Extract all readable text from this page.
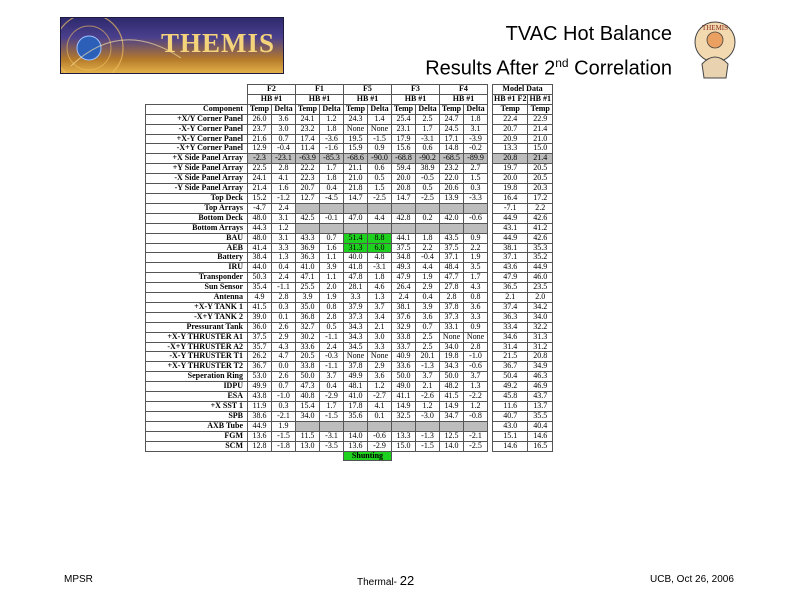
THEMIS	TVAC Hot Balance
Results After 2nd Correlation
THEMIS
	F2		F1		F5		F3		F4			Model Data	
	HB #1		HB #1		HB #1		HB #1		HB #1			HB #1 F2	HB #1
Component	Temp	Delta	Temp	Delta	Temp	Delta	Temp	Delta	Temp	Delta		Temp	Temp
+X/Y Corner Panel	26.0	3.6	24.1	1.2	24.3	1.4	25.4	2.5	24.7	1.8		22.4	22.9
-X-Y Corner Panel	23.7	3.0	23.2	1.8	None	None	23.1	1.7	24.5	3.1		20.7	21.4
+X-Y Corner Panel	21.6	0.7	17.4	-3.6	19.5	-1.5	17.9	-3.1	17.1	-3.9		20.9	21.0
-X+Y Corner Panel	12.9	-0.4	11.4	-1.6	15.9	0.9	15.6	0.6	14.8	-0.2		13.3	15.0
+X Side Panel Array	-2.3	-23.1	-63.9	-85.3	-68.6	-90.0	-68.8	-90.2	-68.5	-89.9		20.8	21.4
+Y Side Panel Array	22.5	2.8	22.2	1.7	21.1	0.6	59.4	38.9	23.2	2.7		19.7	20.5
-X Side Panel Array	24.1	4.1	22.3	1.8	21.0	0.5	20.0	-0.5	22.0	1.5		20.0	20.5
-Y Side Panel Array	21.4	1.6	20.7	0.4	21.8	1.5	20.8	0.5	20.6	0.3		19.8	20.3
Top Deck	15.2	-1.2	12.7	-4.5	14.7	-2.5	14.7	-2.5	13.9	-3.3		16.4	17.2
Top Arrays	-4.7	2.4										-7.1	2.2
Bottom Deck	48.0	3.1	42.5	-0.1	47.0	4.4	42.8	0.2	42.0	-0.6		44.9	42.6
Bottom Arrays	44.3	1.2										43.1	41.2
BAU	48.0	3.1	43.3	0.7	51.4	8.8	44.1	1.8	43.5	0.9		44.9	42.6
AEB	41.4	3.3	36.9	1.6	31.3	6.0	37.5	2.2	37.5	2.2		38.1	35.3
Battery	38.4	1.3	36.3	1.1	40.0	4.8	34.8	-0.4	37.1	1.9		37.1	35.2
IRU	44.0	0.4	41.0	3.9	41.8	-3.1	49.3	4.4	48.4	3.5		43.6	44.9
Transponder	50.3	2.4	47.1	1.1	47.8	1.8	47.9	1.9	47.7	1.7		47.9	46.0
Sun Sensor	35.4	-1.1	25.5	2.0	28.1	4.6	26.4	2.9	27.8	4.3		36.5	23.5
Antenna	4.9	2.8	3.9	1.9	3.3	1.3	2.4	0.4	2.8	0.8		2.1	2.0
+X-Y TANK 1	41.5	0.3	35.0	0.8	37.9	3.7	38.1	3.9	37.8	3.6		37.4	34.2
-X+Y TANK 2	39.0	0.1	36.8	2.8	37.3	3.4	37.6	3.6	37.3	3.3		36.3	34.0
Pressurant Tank	36.0	2.6	32.7	0.5	34.3	2.1	32.9	0.7	33.1	0.9		33.4	32.2
+X-Y THRUSTER A1	37.5	2.9	30.2	-1.1	34.3	3.0	33.8	2.5	None	None		34.6	31.3
-X+Y THRUSTER A2	35.7	4.3	33.6	2.4	34.5	3.3	33.7	2.5	34.0	2.8		31.4	31.2
-X-Y THRUSTER T1	26.2	4.7	20.5	-0.3	None	None	40.9	20.1	19.8	-1.0		21.5	20.8
+X-Y THRUSTER T2	36.7	0.0	33.8	-1.1	37.8	2.9	33.6	-1.3	34.3	-0.6		36.7	34.9
Seperation Ring	53.0	2.6	50.0	3.7	49.9	3.6	50.0	3.7	50.0	3.7		50.4	46.3
IDPU	49.9	0.7	47.3	0.4	48.1	1.2	49.0	2.1	48.2	1.3		49.2	46.9
ESA	43.8	-1.0	40.8	-2.9	41.0	-2.7	41.1	-2.6	41.5	-2.2		45.8	43.7
+X SST 1	11.9	0.3	15.4	1.7	17.8	4.1	14.9	1.2	14.9	1.2		11.6	13.7
SPB	38.6	-2.1	34.0	-1.5	35.6	0.1	32.5	-3.0	34.7	-0.8		40.7	35.5
AXB Tube	44.9	1.9										43.0	40.4
FGM	13.6	-1.5	11.5	-3.1	14.0	-0.6	13.3	-1.3	12.5	-2.1		15.1	14.6
SCM	12.8	-1.8	13.0	-3.5	13.6	-2.9	15.0	-1.5	14.0	-2.5		14.6	16.5
					Shunting								
MPSR	Thermal- 22	UCB, Oct 26, 2006
